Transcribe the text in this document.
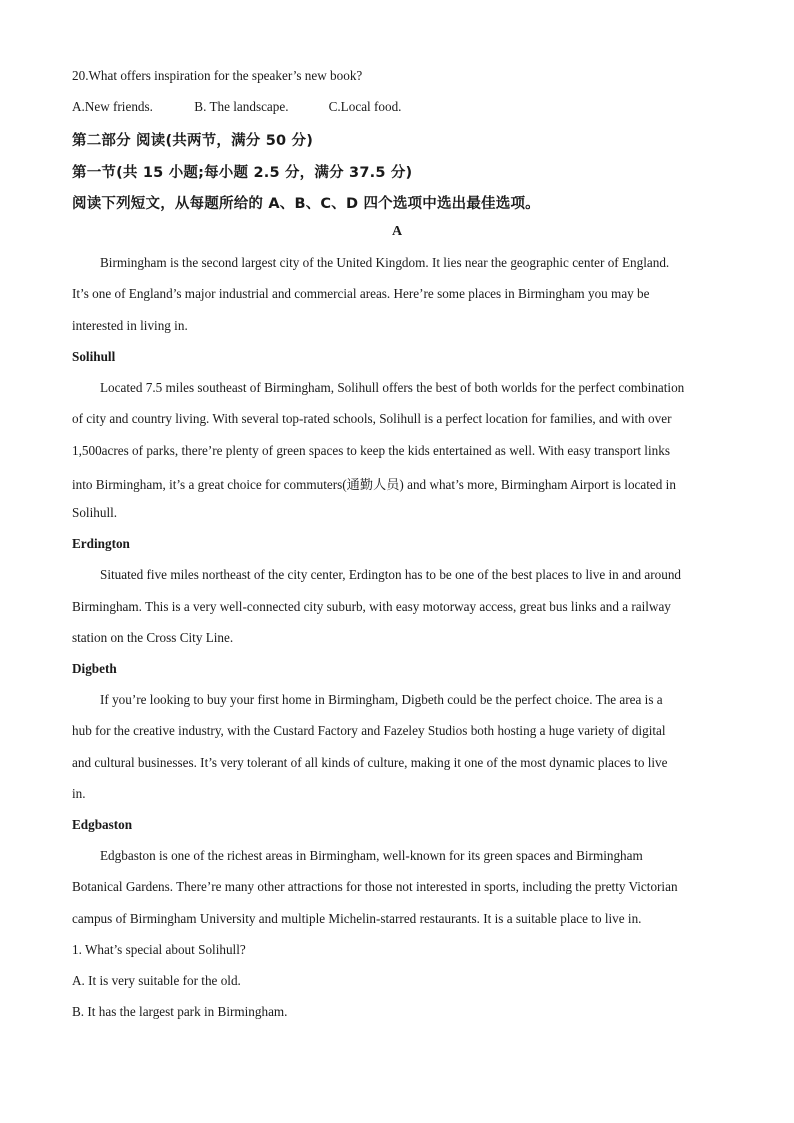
20.What offers inspiration for the speaker’s new book?
A.New friends.	B. The landscape.	C.Local food.
第二部分 阅读(共两节，满分 50 分)
第一节(共 15 小题;每小题 2.5 分，满分 37.5 分)
阅读下列短文，从每题所给的 A、B、C、D 四个选项中选出最佳选项。
A
Birmingham is the second largest city of the United Kingdom. It lies near the geographic center of England.
It’s one of England’s major industrial and commercial areas. Here’re some places in Birmingham you may be
interested in living in.
Solihull
Located 7.5 miles southeast of Birmingham, Solihull offers the best of both worlds for the perfect combination
of city and country living. With several top-rated schools, Solihull is a perfect location for families, and with over
1,500acres of parks, there’re plenty of green spaces to keep the kids entertained as well. With easy transport links
into Birmingham, it’s a great choice for commuters(通勤人员) and what’s more, Birmingham Airport is located in
Solihull.
Erdington
Situated five miles northeast of the city center, Erdington has to be one of the best places to live in and around
Birmingham. This is a very well-connected city suburb, with easy motorway access, great bus links and a railway
station on the Cross City Line.
Digbeth
If you’re looking to buy your first home in Birmingham, Digbeth could be the perfect choice. The area is a
hub for the creative industry, with the Custard Factory and Fazeley Studios both hosting a huge variety of digital
and cultural businesses. It’s very tolerant of all kinds of culture, making it one of the most dynamic places to live
in.
Edgbaston
Edgbaston is one of the richest areas in Birmingham, well-known for its green spaces and Birmingham
Botanical Gardens. There’re many other attractions for those not interested in sports, including the pretty Victorian
campus of Birmingham University and multiple Michelin-starred restaurants. It is a suitable place to live in.
1. What’s special about Solihull?
A. It is very suitable for the old.
B. It has the largest park in Birmingham.
